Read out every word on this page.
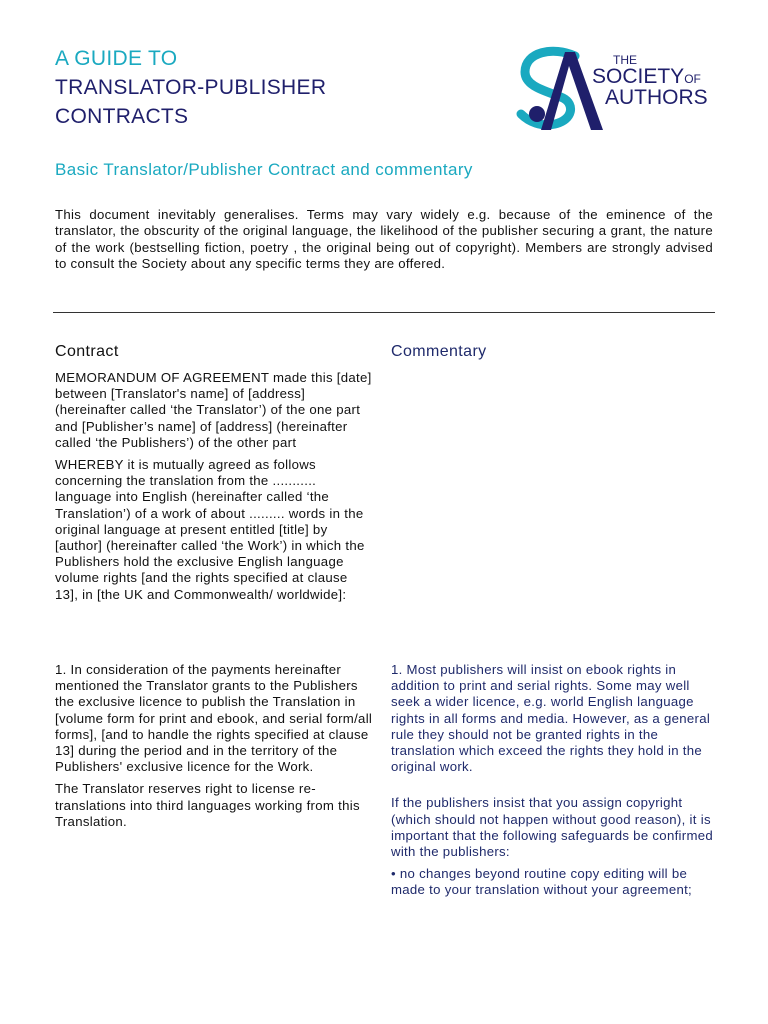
A GUIDE TO
TRANSLATOR-PUBLISHER
CONTRACTS
THE
SOCIETYOF
AUTHORS
Basic Translator/Publisher Contract and commentary
This document inevitably generalises. Terms may vary widely e.g. because of the eminence of the translator, the obscurity of the original language, the likelihood of the publisher securing a grant, the nature of the work (bestselling fiction, poetry , the original being out of copyright). Members are strongly advised to consult the Society about any specific terms they are offered.
Contract	Commentary

MEMORANDUM OF AGREEMENT made this [date] between [Translator's name] of [address] (hereinafter called ‘the Translator’) of the one part and [Publisher’s name] of [address] (hereinafter called ‘the Publishers’) of the other part

WHEREBY it is mutually agreed as follows concerning the translation from the ........... language into English (hereinafter called ‘the Translation’) of a work of about ......... words in the original language at present entitled [title] by [author] (hereinafter called ‘the Work’) in which the Publishers hold the exclusive English language volume rights [and the rights specified at clause 13], in [the UK and Commonwealth/ worldwide]:

1. In consideration of the payments hereinafter mentioned the Translator grants to the Publishers the exclusive licence to publish the Translation in [volume form for print and ebook, and serial form/all forms], [and to handle the rights specified at clause 13] during the period and in the territory of the Publishers' exclusive licence for the Work.

The Translator reserves right to license re-translations into third languages working from this Translation.

1. Most publishers will insist on ebook rights in addition to print and serial rights. Some may well seek a wider licence, e.g. world English language rights in all forms and media. However, as a general rule they should not be granted rights in the translation which exceed the rights they hold in the original work.

If the publishers insist that you assign copyright (which should not happen without good reason), it is important that the following safeguards be confirmed with the publishers:

• no changes beyond routine copy editing will be made to your translation without your agreement;
